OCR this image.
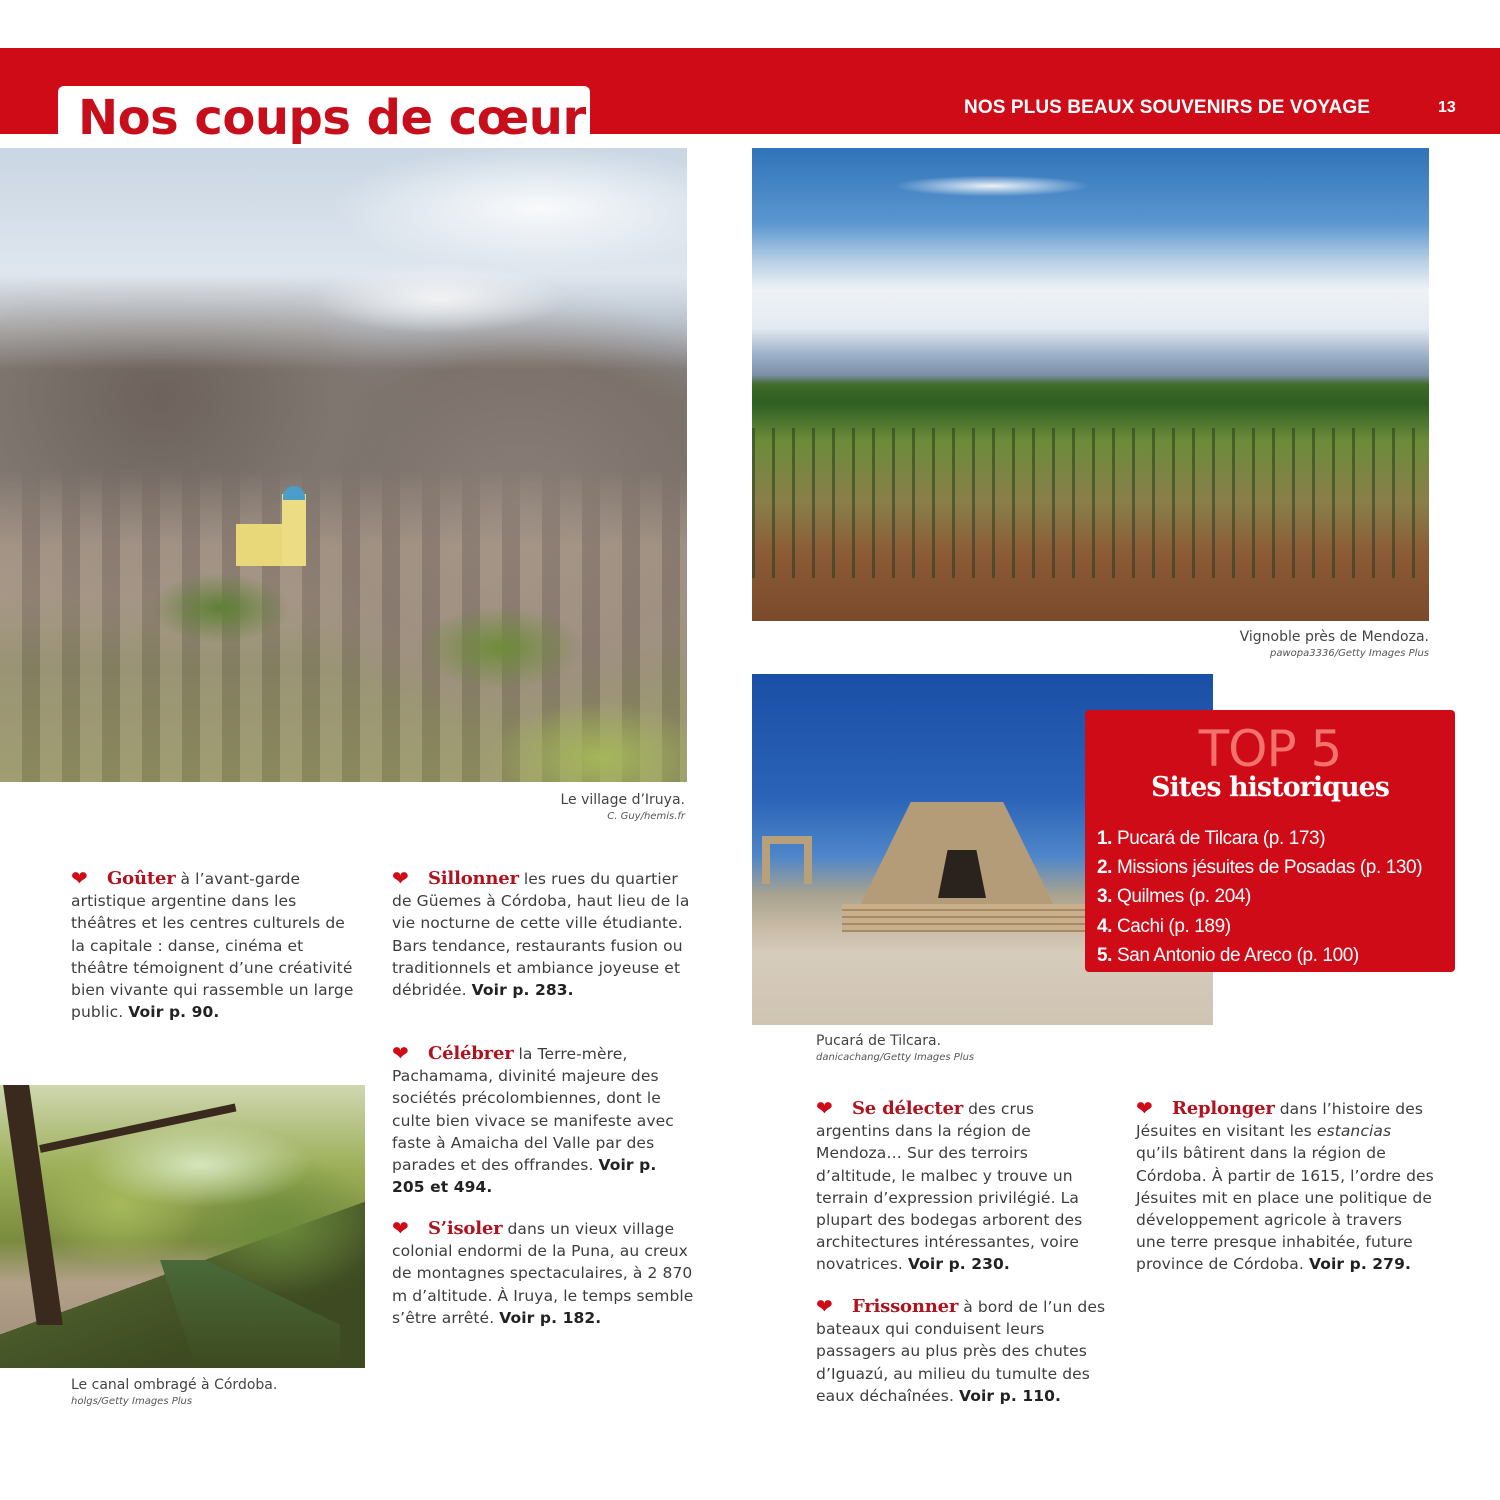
Nos coups de cœur	NOS PLUS BEAUX SOUVENIRS DE VOYAGE	13
Le village d’Iruya.
C. Guy/hemis.fr
Vignoble près de Mendoza.
pawopa3336/Getty Images Plus
Pucará de Tilcara.
danicachang/Getty Images Plus
TOP 5
Sites historiques
1. Pucará de Tilcara (p. 173)
2. Missions jésuites de Posadas (p. 130)
3. Quilmes (p. 204)
4. Cachi (p. 189)
5. San Antonio de Areco (p. 100)
Le canal ombragé à Córdoba.
holgs/Getty Images Plus
❤ Goûter à l’avant-garde artistique argentine dans les théâtres et les centres culturels de la capitale : danse, cinéma et théâtre témoignent d’une créativité bien vivante qui rassemble un large public. Voir p. 90.
❤ Sillonner les rues du quartier de Güemes à Córdoba, haut lieu de la vie nocturne de cette ville étudiante. Bars tendance, restaurants fusion ou traditionnels et ambiance joyeuse et débridée. Voir p. 283.
❤ Célébrer la Terre-mère, Pachamama, divinité majeure des sociétés précolombiennes, dont le culte bien vivace se manifeste avec faste à Amaicha del Valle par des parades et des offrandes. Voir p. 205 et 494.
❤ S’isoler dans un vieux village colonial endormi de la Puna, au creux de montagnes spectaculaires, à 2 870 m d’altitude. À Iruya, le temps semble s’être arrêté. Voir p. 182.
❤ Se délecter des crus argentins dans la région de Mendoza… Sur des terroirs d’altitude, le malbec y trouve un terrain d’expression privilégié. La plupart des bodegas arborent des architectures intéressantes, voire novatrices. Voir p. 230.
❤ Frissonner à bord de l’un des bateaux qui conduisent leurs passagers au plus près des chutes d’Iguazú, au milieu du tumulte des eaux déchaînées. Voir p. 110.
❤ Replonger dans l’histoire des Jésuites en visitant les estancias qu’ils bâtirent dans la région de Córdoba. À partir de 1615, l’ordre des Jésuites mit en place une politique de développement agricole à travers une terre presque inhabitée, future province de Córdoba. Voir p. 279.
